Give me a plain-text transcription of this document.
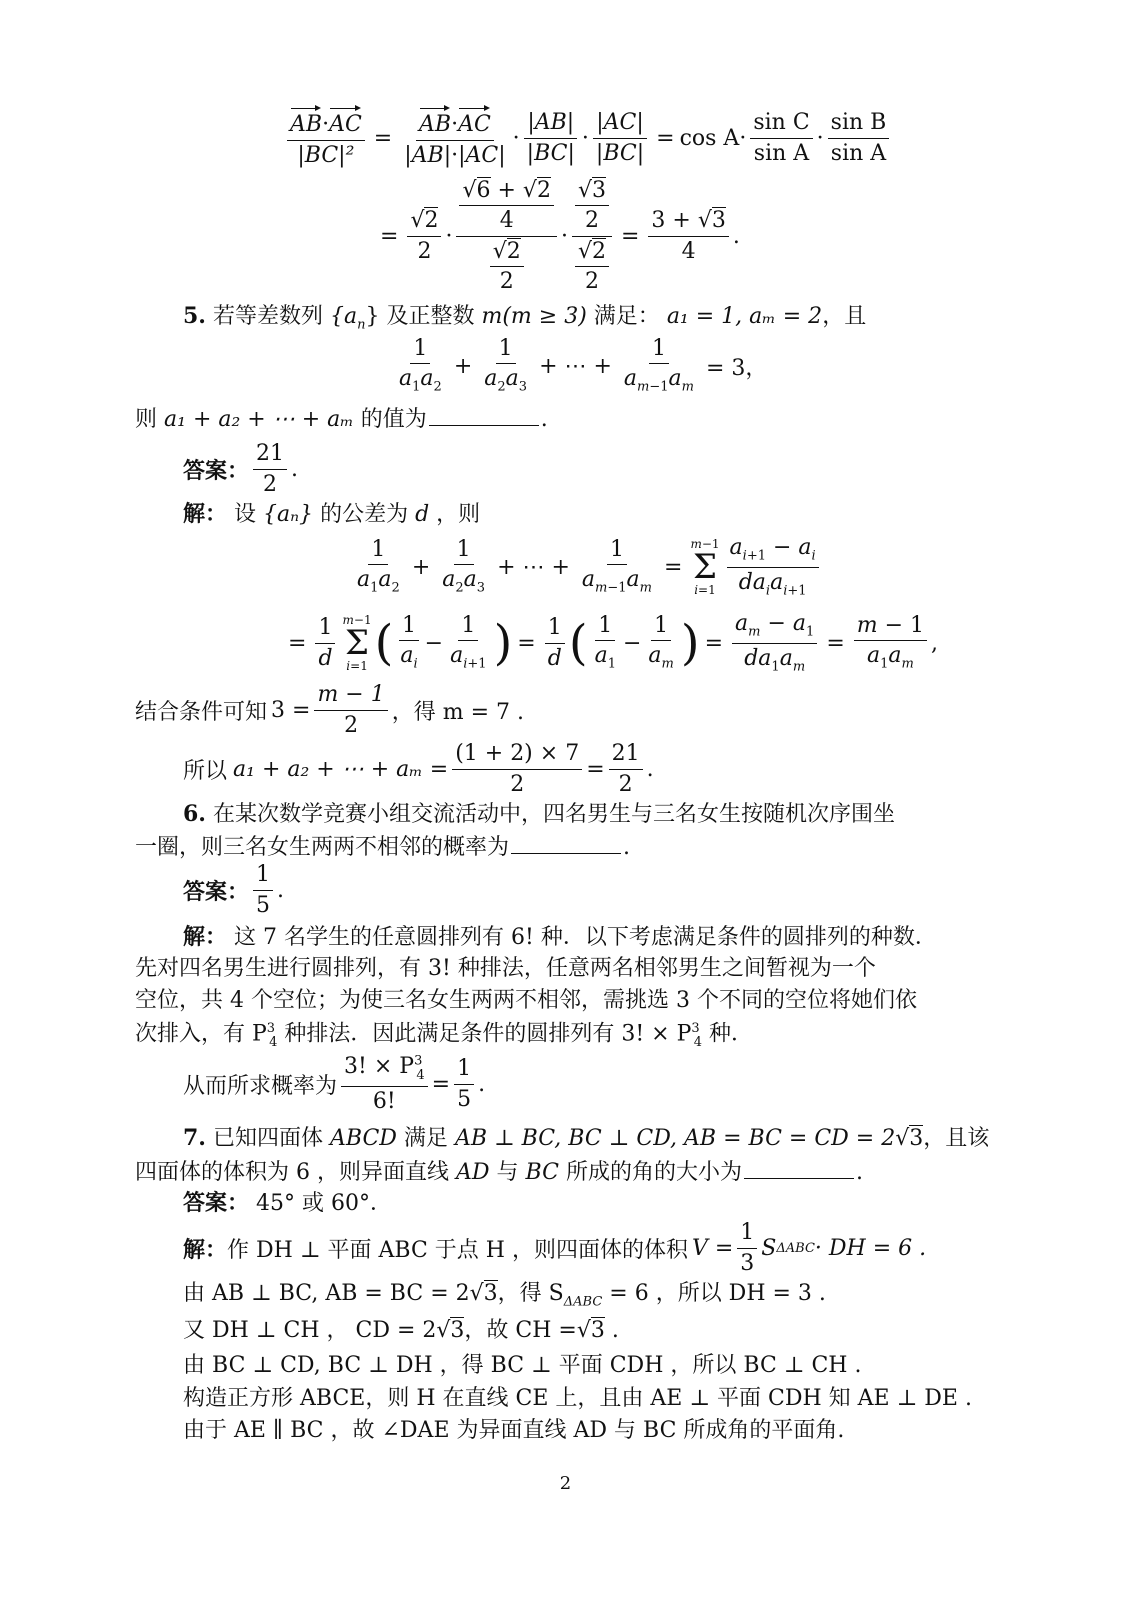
$\frac{AB\cdot AC}{\text{|BC|²}} = \frac{AB\cdot AC}{|AB|\cdot|AC|} \cdot \frac{|AB|}{|BC|} \cdot \frac{|AC|}{|BC|} = \cos A \cdot \frac{\text{sin C}}{\text{sin A}} \cdot \frac{\text{sin B}}{\text{sin A}}$
= $\frac{√2}{2} \cdot \frac{\frac{√6 + √2}{4}}{\frac{√2}{2}} \cdot \frac{\frac{√3}{2}}{\frac{√2}{2}} = \frac{3 + √3}{4}$ .
5. 若等差数列 $\{a_n\}$ 及正整数 m(m ≥ 3) 满足： a₁ = 1, aₘ = 2，且
$\frac{1}{a_1a_2} + \frac{1}{a_2a_3}$ + ⋯ + $\frac{1}{a_{m-1}a_m} = 3$，
则 a₁ + a₂ + ⋯ + aₘ 的值为	.
答案： $\frac{21}{2}$ .
解： 设 {aₙ} 的公差为 d ，则
$\frac{1}{a_1a_2} + \frac{1}{a_2a_3}$ + ⋯ + $\frac{1}{a_{m-1}a_m}$ =
m−1
Σ
$i=1 \frac{a_{i+1} - a_i}{da_ia_{i+1}}$
= $\frac{1}{d} m-1$
Σ
i=1 ( $\frac{1}{a_i} - \frac{1}{a_{i+1}}$ ) = $\frac{1}{d}$ ( $\frac{1}{a_1} - \frac{1}{a_m}$ ) = $\frac{a_m - a_1}{da_1a_m} = \frac{m - 1}{a_1a_m}$ ,
结合条件可知 $3 = \frac{m - 1}{2}$ ，得 m = 7 .
所以 a₁ + a₂ + ⋯ + $a_m = \frac{(1 + 2) \times 7}{2} = \frac{21}{2}$ .
6. 在某次数学竞赛小组交流活动中，四名男生与三名女生按随机次序围坐
一圈，则三名女生两两不相邻的概率为	.
答案： $\frac{1}{5}$ .
解： 这 7 名学生的任意圆排列有 6! 种．以下考虑满足条件的圆排列的种数．
先对四名男生进行圆排列，有 3! 种排法，任意两名相邻男生之间暂视为一个
空位，共 4 个空位；为使三名女生两两不相邻，需挑选 3 个不同的空位将她们依
次排入，有 $P^3_4$ 种排法．因此满足条件的圆排列有 3! × $P^3_4$ 种．
从而所求概率为 $\frac{3! \times P^3_4}{6!} = \frac{1}{5}$ .
7. 已知四面体 ABCD 满足 AB ⊥ BC, BC ⊥ CD, AB = BC = CD = 2√3，且该
四面体的体积为 6 ，则异面直线 AD 与 BC 所成的角的大小为	.
答案： 45° 或 60°．
解： 作 DH ⊥ 平面 ABC 于点 H ，则四面体的体积 $V = \frac{1}{3}$ S ΔABC · DH = 6 .
由 AB ⊥ BC, AB = BC = 2√3，得 $S_{\Delta ABC} = 6$ ，所以 DH = 3 .
又 DH ⊥ CH ， CD = 2√3，故 CH =√3 .
由 BC ⊥ CD, BC ⊥ DH ，得 BC ⊥ 平面 CDH ，所以 BC ⊥ CH .
构造正方形 ABCE，则 H 在直线 CE 上，且由 AE ⊥ 平面 CDH 知 AE ⊥ DE .
由于 AE ∥ BC ，故 ∠DAE 为异面直线 AD 与 BC 所成角的平面角.
2
